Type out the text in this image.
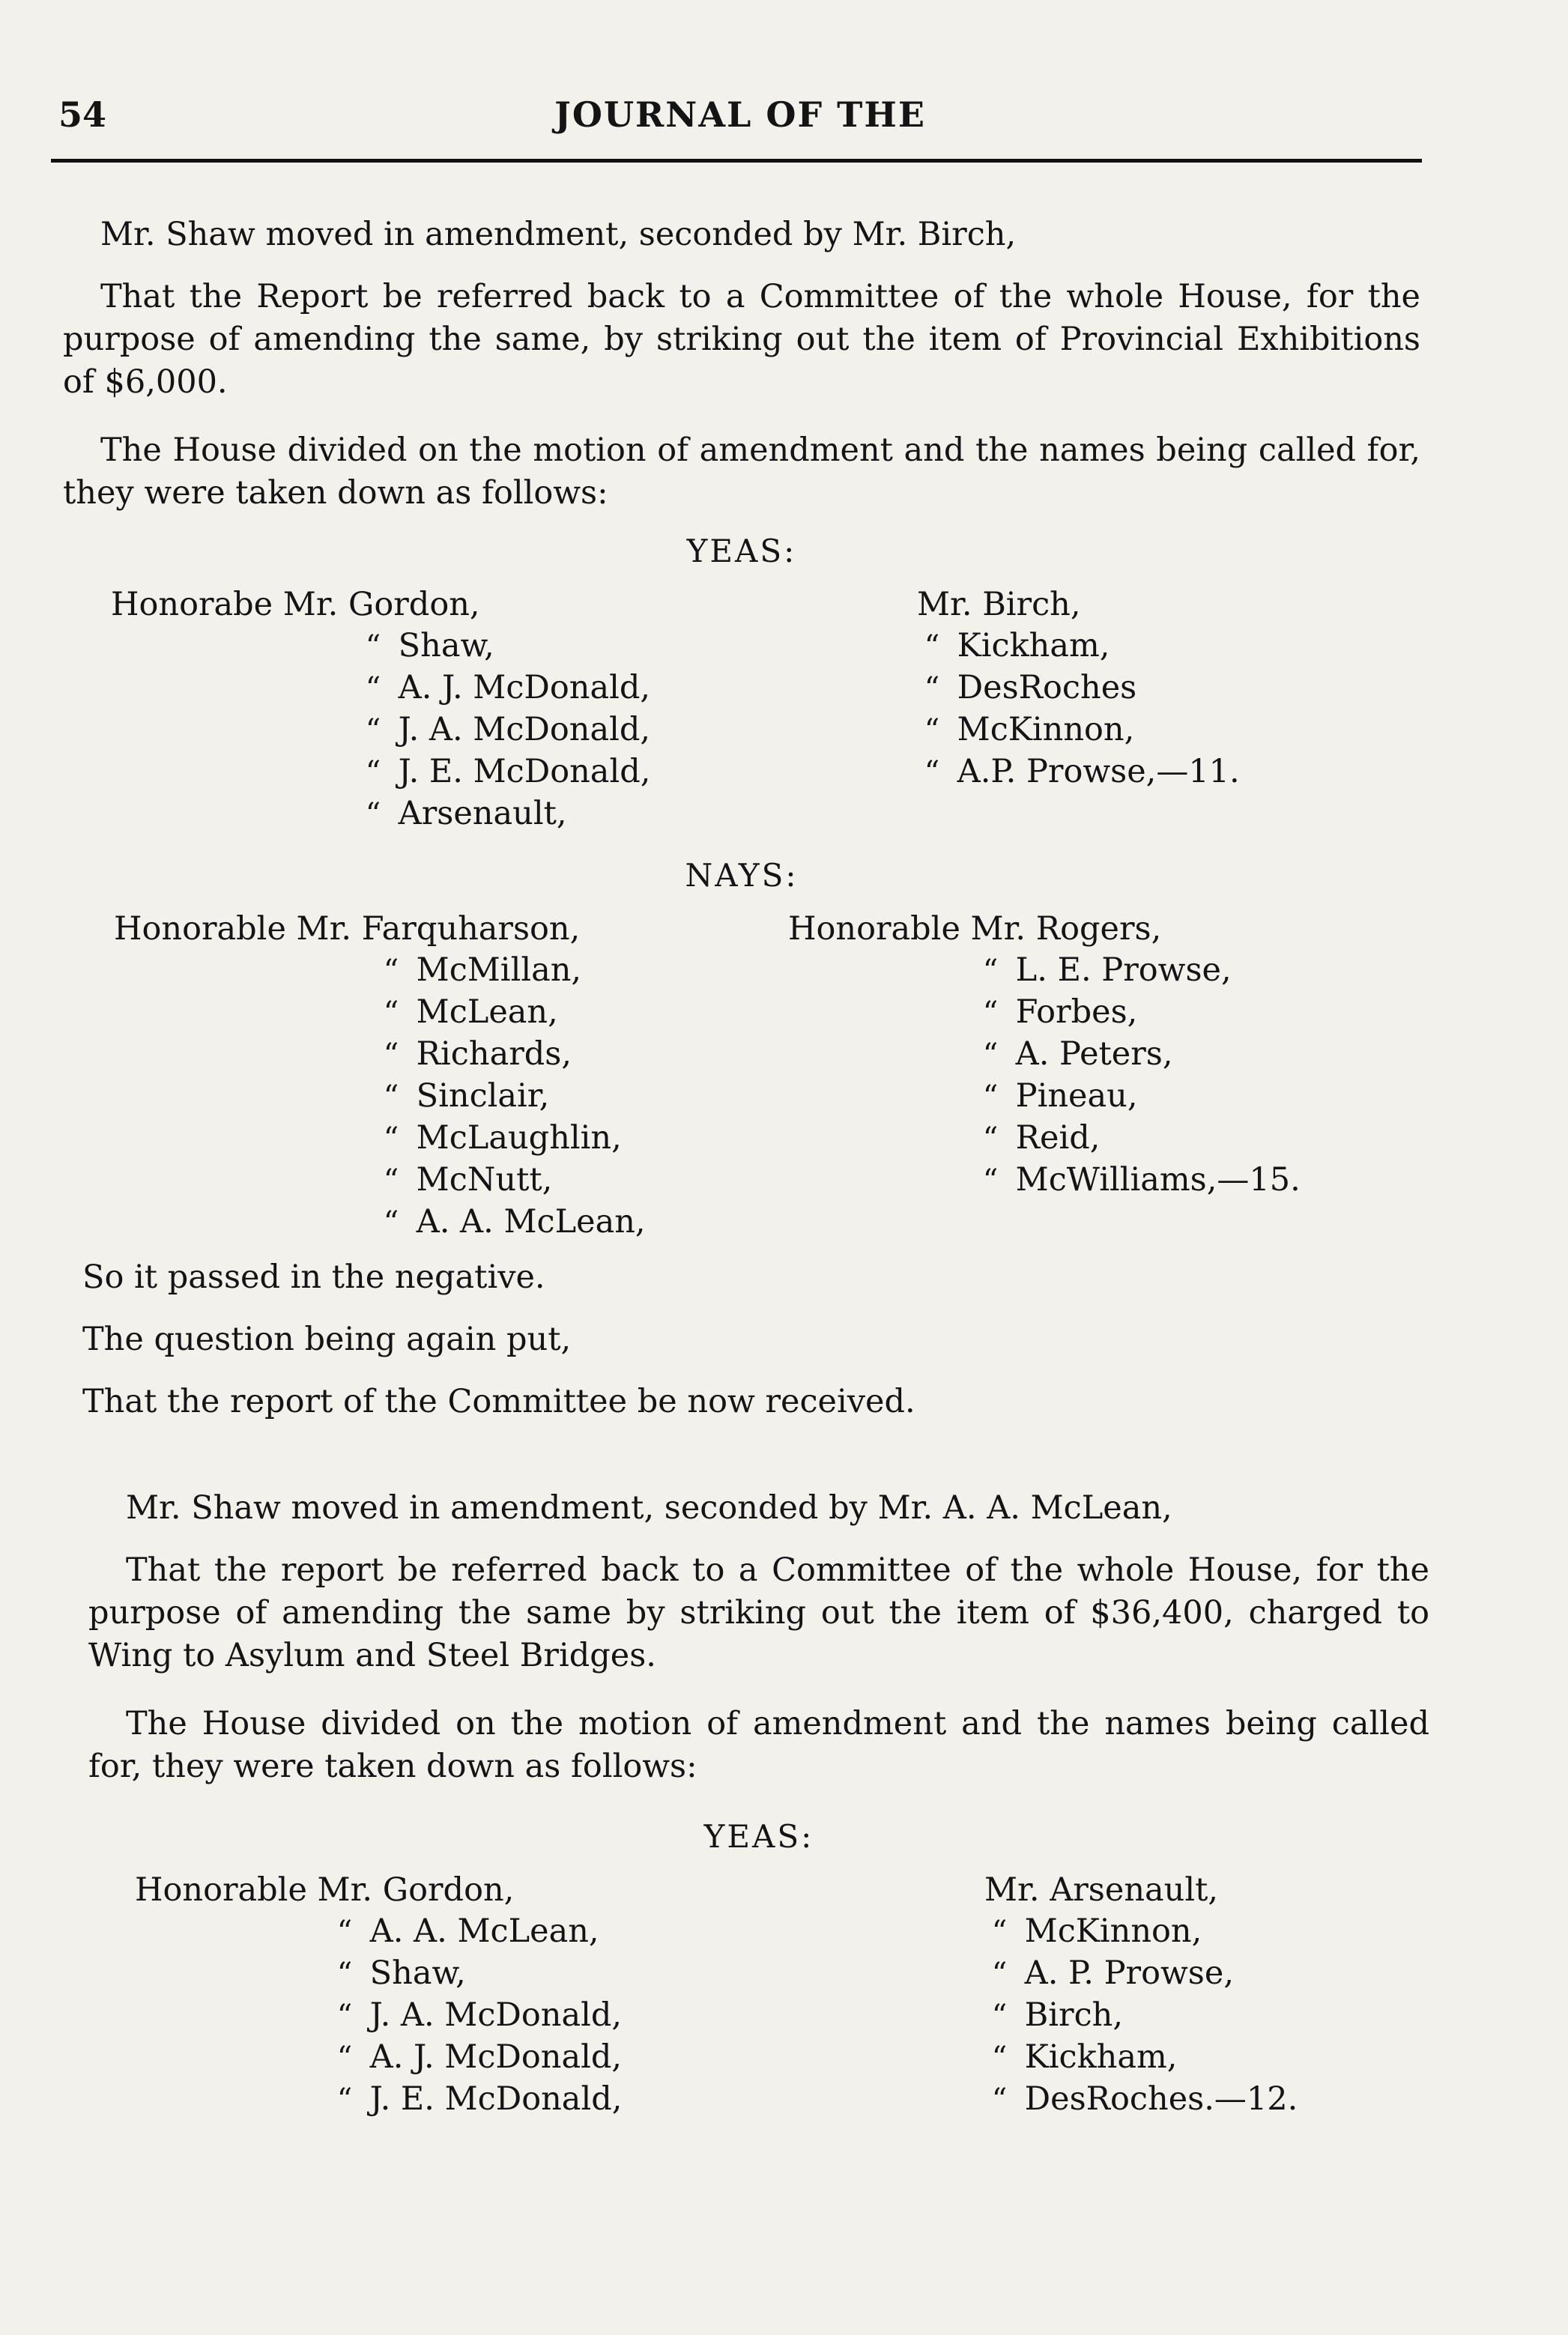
54	JOURNAL OF THE

Mr. Shaw moved in amendment, seconded by Mr. Birch,

That the Report be referred back to a Committee of the whole House, for the purpose of amending the same, by striking out the item of Provincial Exhibitions of $6,000.

The House divided on the motion of amendment and the names being called for, they were taken down as follows:

YEAS:
Honorabe Mr. Gordon,
“ Shaw,
“ A. J. McDonald,
“ J. A. McDonald,
“ J. E. McDonald,
“ Arsenault,
Mr. Birch,
“ Kickham,
“ DesRoches
“ McKinnon,
“ A.P. Prowse,—11.
NAYS:
Honorable Mr. Farquharson,
“ McMillan,
“ McLean,
“ Richards,
“ Sinclair,
“ McLaughlin,
“ McNutt,
“ A. A. McLean,
Honorable Mr. Rogers,
“ L. E. Prowse,
“ Forbes,
“ A. Peters,
“ Pineau,
“ Reid,
“ McWilliams,—15.

So it passed in the negative.

The question being again put,

That the report of the Committee be now received.

Mr. Shaw moved in amendment, seconded by Mr. A. A. McLean,

That the report be referred back to a Committee of the whole House, for the purpose of amending the same by striking out the item of $36,400, charged to Wing to Asylum and Steel Bridges.

The House divided on the motion of amendment and the names being called for, they were taken down as follows:

YEAS:
Honorable Mr. Gordon,
“ A. A. McLean,
“ Shaw,
“ J. A. McDonald,
“ A. J. McDonald,
“ J. E. McDonald,
Mr. Arsenault,
“ McKinnon,
“ A. P. Prowse,
“ Birch,
“ Kickham,
“ DesRoches.—12.
